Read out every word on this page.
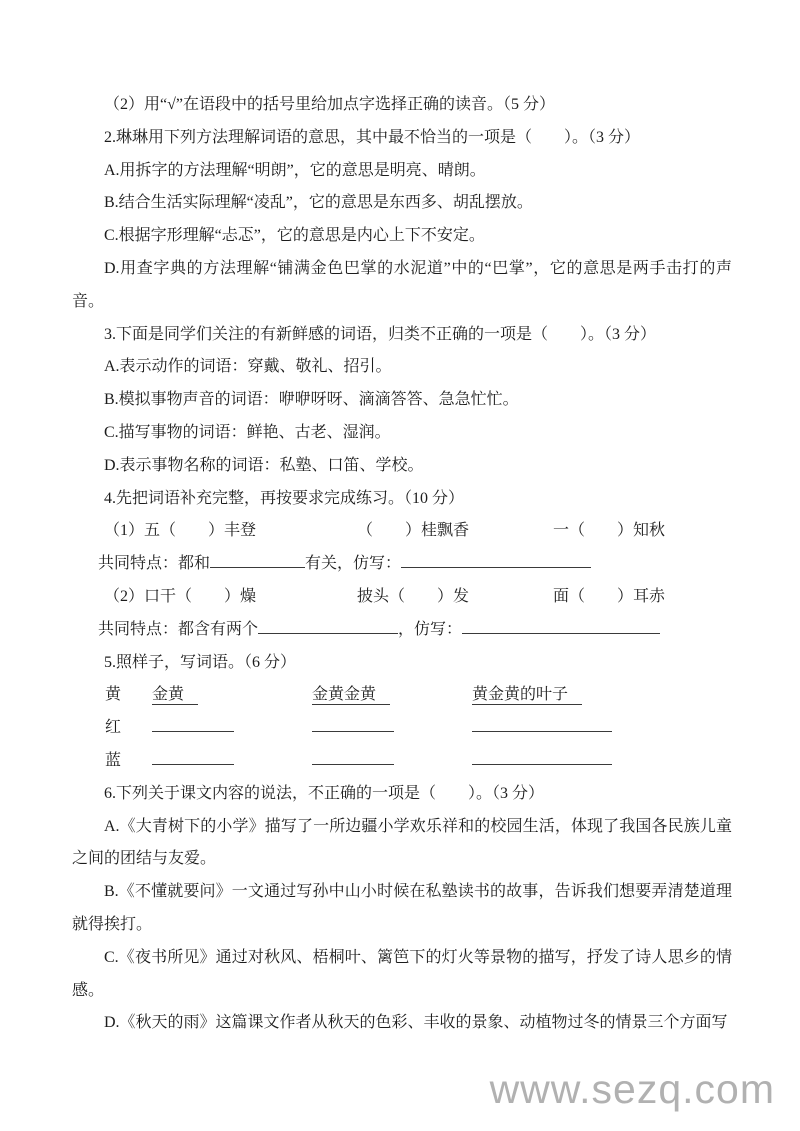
（2）用“√”在语段中的括号里给加点字选择正确的读音。（5 分）

2.琳琳用下列方法理解词语的意思，其中最不恰当的一项是（　　）。（3 分）

A.用拆字的方法理解“明朗”，它的意思是明亮、晴朗。

B.结合生活实际理解“凌乱”，它的意思是东西多、胡乱摆放。

C.根据字形理解“忐忑”，它的意思是内心上下不安定。

D.用查字典的方法理解“铺满金色巴掌的水泥道”中的“巴掌”，它的意思是两手击打的声音。

3.下面是同学们关注的有新鲜感的词语，归类不正确的一项是（　　）。（3 分）

A.表示动作的词语：穿戴、敬礼、招引。

B.模拟事物声音的词语：咿咿呀呀、滴滴答答、急急忙忙。

C.描写事物的词语：鲜艳、古老、湿润。

D.表示事物名称的词语：私塾、口笛、学校。

4.先把词语补充完整，再按要求完成练习。（10 分）

（1）五（　　）丰登	（　　）桂飘香	一（　　）知秋
共同特点：都和	有关，仿写：
（2）口干（　　）燥	披头（　　）发	面（　　）耳赤
共同特点：都含有两个	，仿写：

5.照样子，写词语。（6 分）

黄	金黄	金黄金黄	黄金黄的叶子
红
蓝

6.下列关于课文内容的说法，不正确的一项是（　　）。（3 分）

A.《大青树下的小学》描写了一所边疆小学欢乐祥和的校园生活，体现了我国各民族儿童之间的团结与友爱。

B.《不懂就要问》一文通过写孙中山小时候在私塾读书的故事，告诉我们想要弄清楚道理就得挨打。

C.《夜书所见》通过对秋风、梧桐叶、篱笆下的灯火等景物的描写，抒发了诗人思乡的情感。

D.《秋天的雨》这篇课文作者从秋天的色彩、丰收的景象、动植物过冬的情景三个方面写

www.sezq.com
